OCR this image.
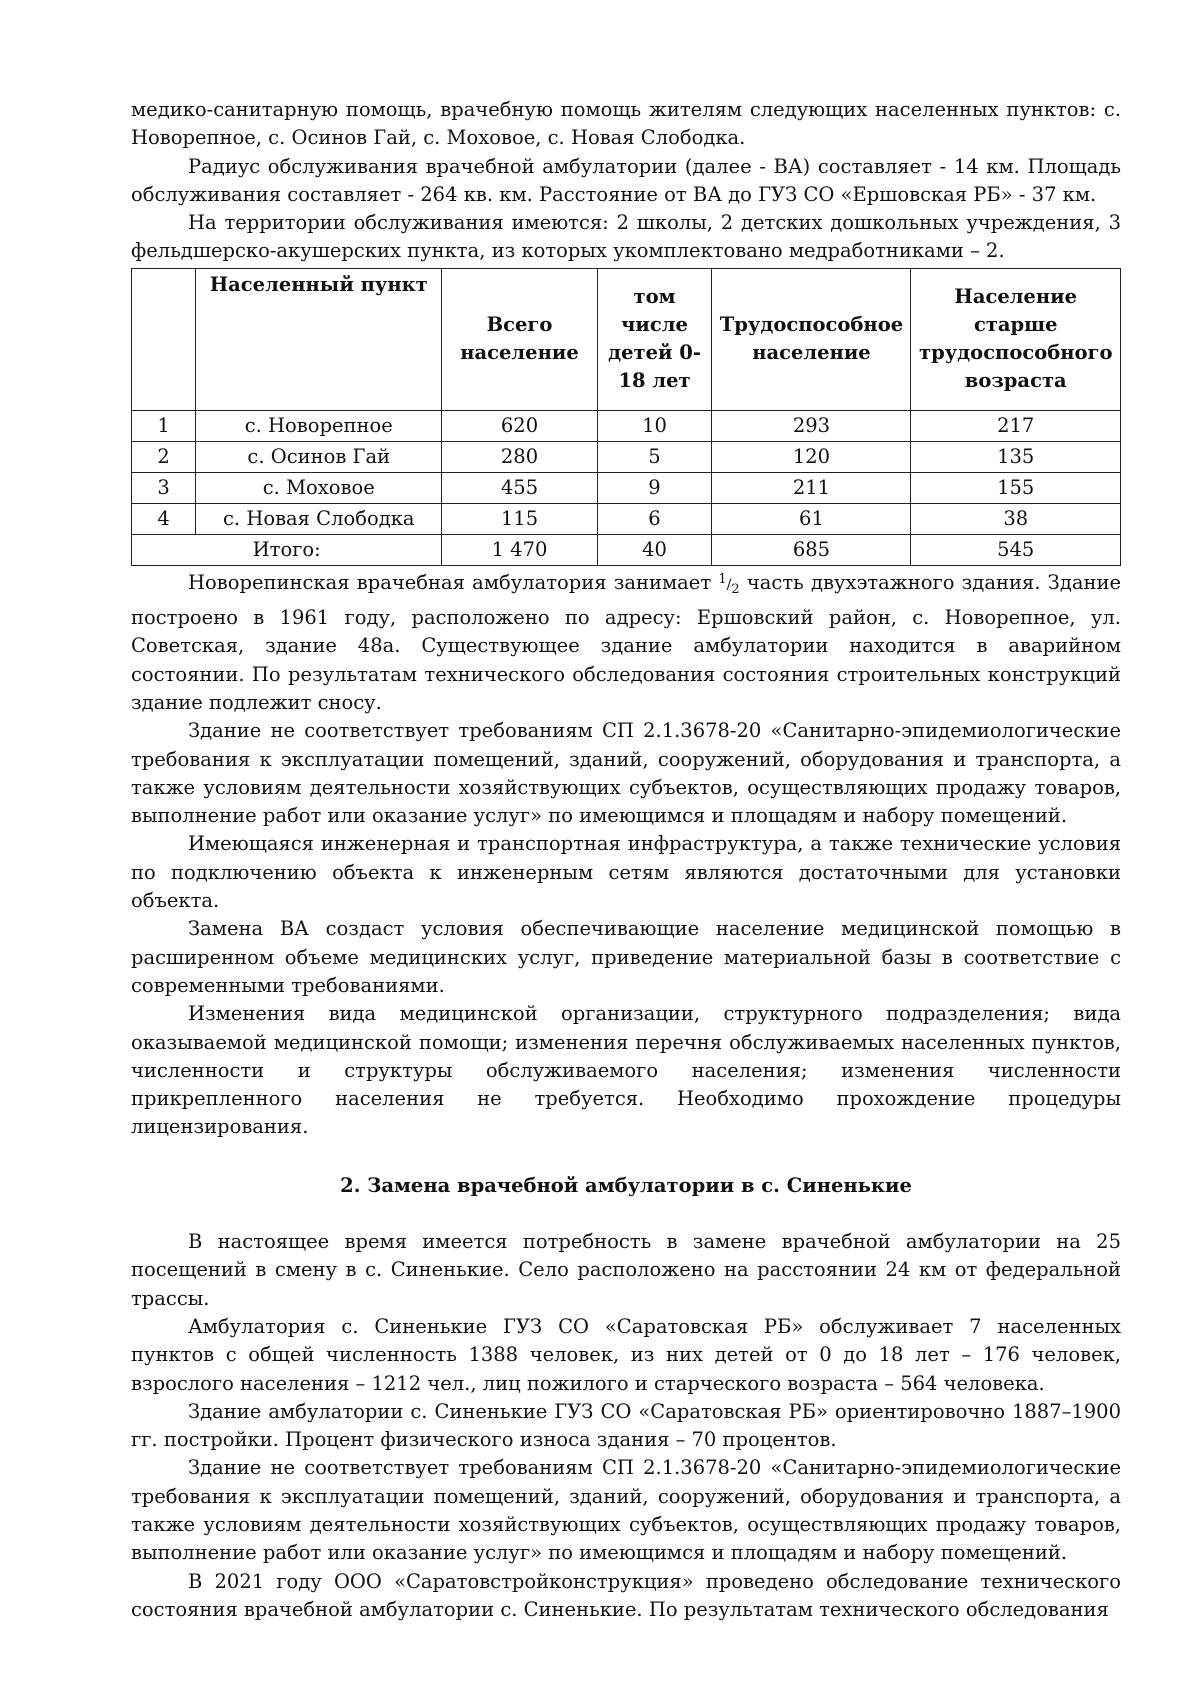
медико-санитарную помощь, врачебную помощь жителям следующих населенных пунктов: с. Новорепное, с. Осинов Гай, с. Моховое, с. Новая Слободка.

Радиус обслуживания врачебной амбулатории (далее - ВА) составляет - 14 км. Площадь обслуживания составляет - 264 кв. км. Расстояние от ВА до ГУЗ СО «Ершовская РБ» - 37 км.

На территории обслуживания имеются: 2 школы, 2 детских дошкольных учреждения, 3 фельдшерско-акушерских пункта, из которых укомплектовано медработниками – 2.

	Населенный пункт	Всего население	том числе детей 0-18 лет	Трудоспособное население	Население старше трудоспособного возраста
1	с. Новорепное	620	10	293	217
2	с. Осинов Гай	280	5	120	135
3	с. Моховое	455	9	211	155
4	с. Новая Слободка	115	6	61	38
Итого:		1 470	40	685	545

Новорепинская врачебная амбулатория занимает $^1/_2$ часть двухэтажного здания. Здание построено в 1961 году, расположено по адресу: Ершовский район, с. Новорепное, ул. Советская, здание 48а. Существующее здание амбулатории находится в аварийном состоянии. По результатам технического обследования состояния строительных конструкций здание подлежит сносу.

Здание не соответствует требованиям СП 2.1.3678-20 «Санитарно-эпидемиологические требования к эксплуатации помещений, зданий, сооружений, оборудования и транспорта, а также условиям деятельности хозяйствующих субъектов, осуществляющих продажу товаров, выполнение работ или оказание услуг» по имеющимся и площадям и набору помещений.

Имеющаяся инженерная и транспортная инфраструктура, а также технические условия по подключению объекта к инженерным сетям являются достаточными для установки объекта.

Замена ВА создаст условия обеспечивающие население медицинской помощью в расширенном объеме медицинских услуг, приведение материальной базы в соответствие с современными требованиями.

Изменения вида медицинской организации, структурного подразделения; вида оказываемой медицинской помощи; изменения перечня обслуживаемых населенных пунктов, численности и структуры обслуживаемого населения; изменения численности прикрепленного населения не требуется. Необходимо прохождение процедуры лицензирования.

2. Замена врачебной амбулатории в с. Синенькие

В настоящее время имеется потребность в замене врачебной амбулатории на 25 посещений в смену в с. Синенькие. Село расположено на расстоянии 24 км от федеральной трассы.

Амбулатория с. Синенькие ГУЗ СО «Саратовская РБ» обслуживает 7 населенных пунктов с общей численность 1388 человек, из них детей от 0 до 18 лет – 176 человек, взрослого населения – 1212 чел., лиц пожилого и старческого возраста – 564 человека.

Здание амбулатории с. Синенькие ГУЗ СО «Саратовская РБ» ориентировочно 1887–1900 гг. постройки. Процент физического износа здания – 70 процентов.

Здание не соответствует требованиям СП 2.1.3678-20 «Санитарно-эпидемиологические требования к эксплуатации помещений, зданий, сооружений, оборудования и транспорта, а также условиям деятельности хозяйствующих субъектов, осуществляющих продажу товаров, выполнение работ или оказание услуг» по имеющимся и площадям и набору помещений.

В 2021 году ООО «Саратовстройконструкция» проведено обследование технического состояния врачебной амбулатории с. Синенькие. По результатам технического обследования
